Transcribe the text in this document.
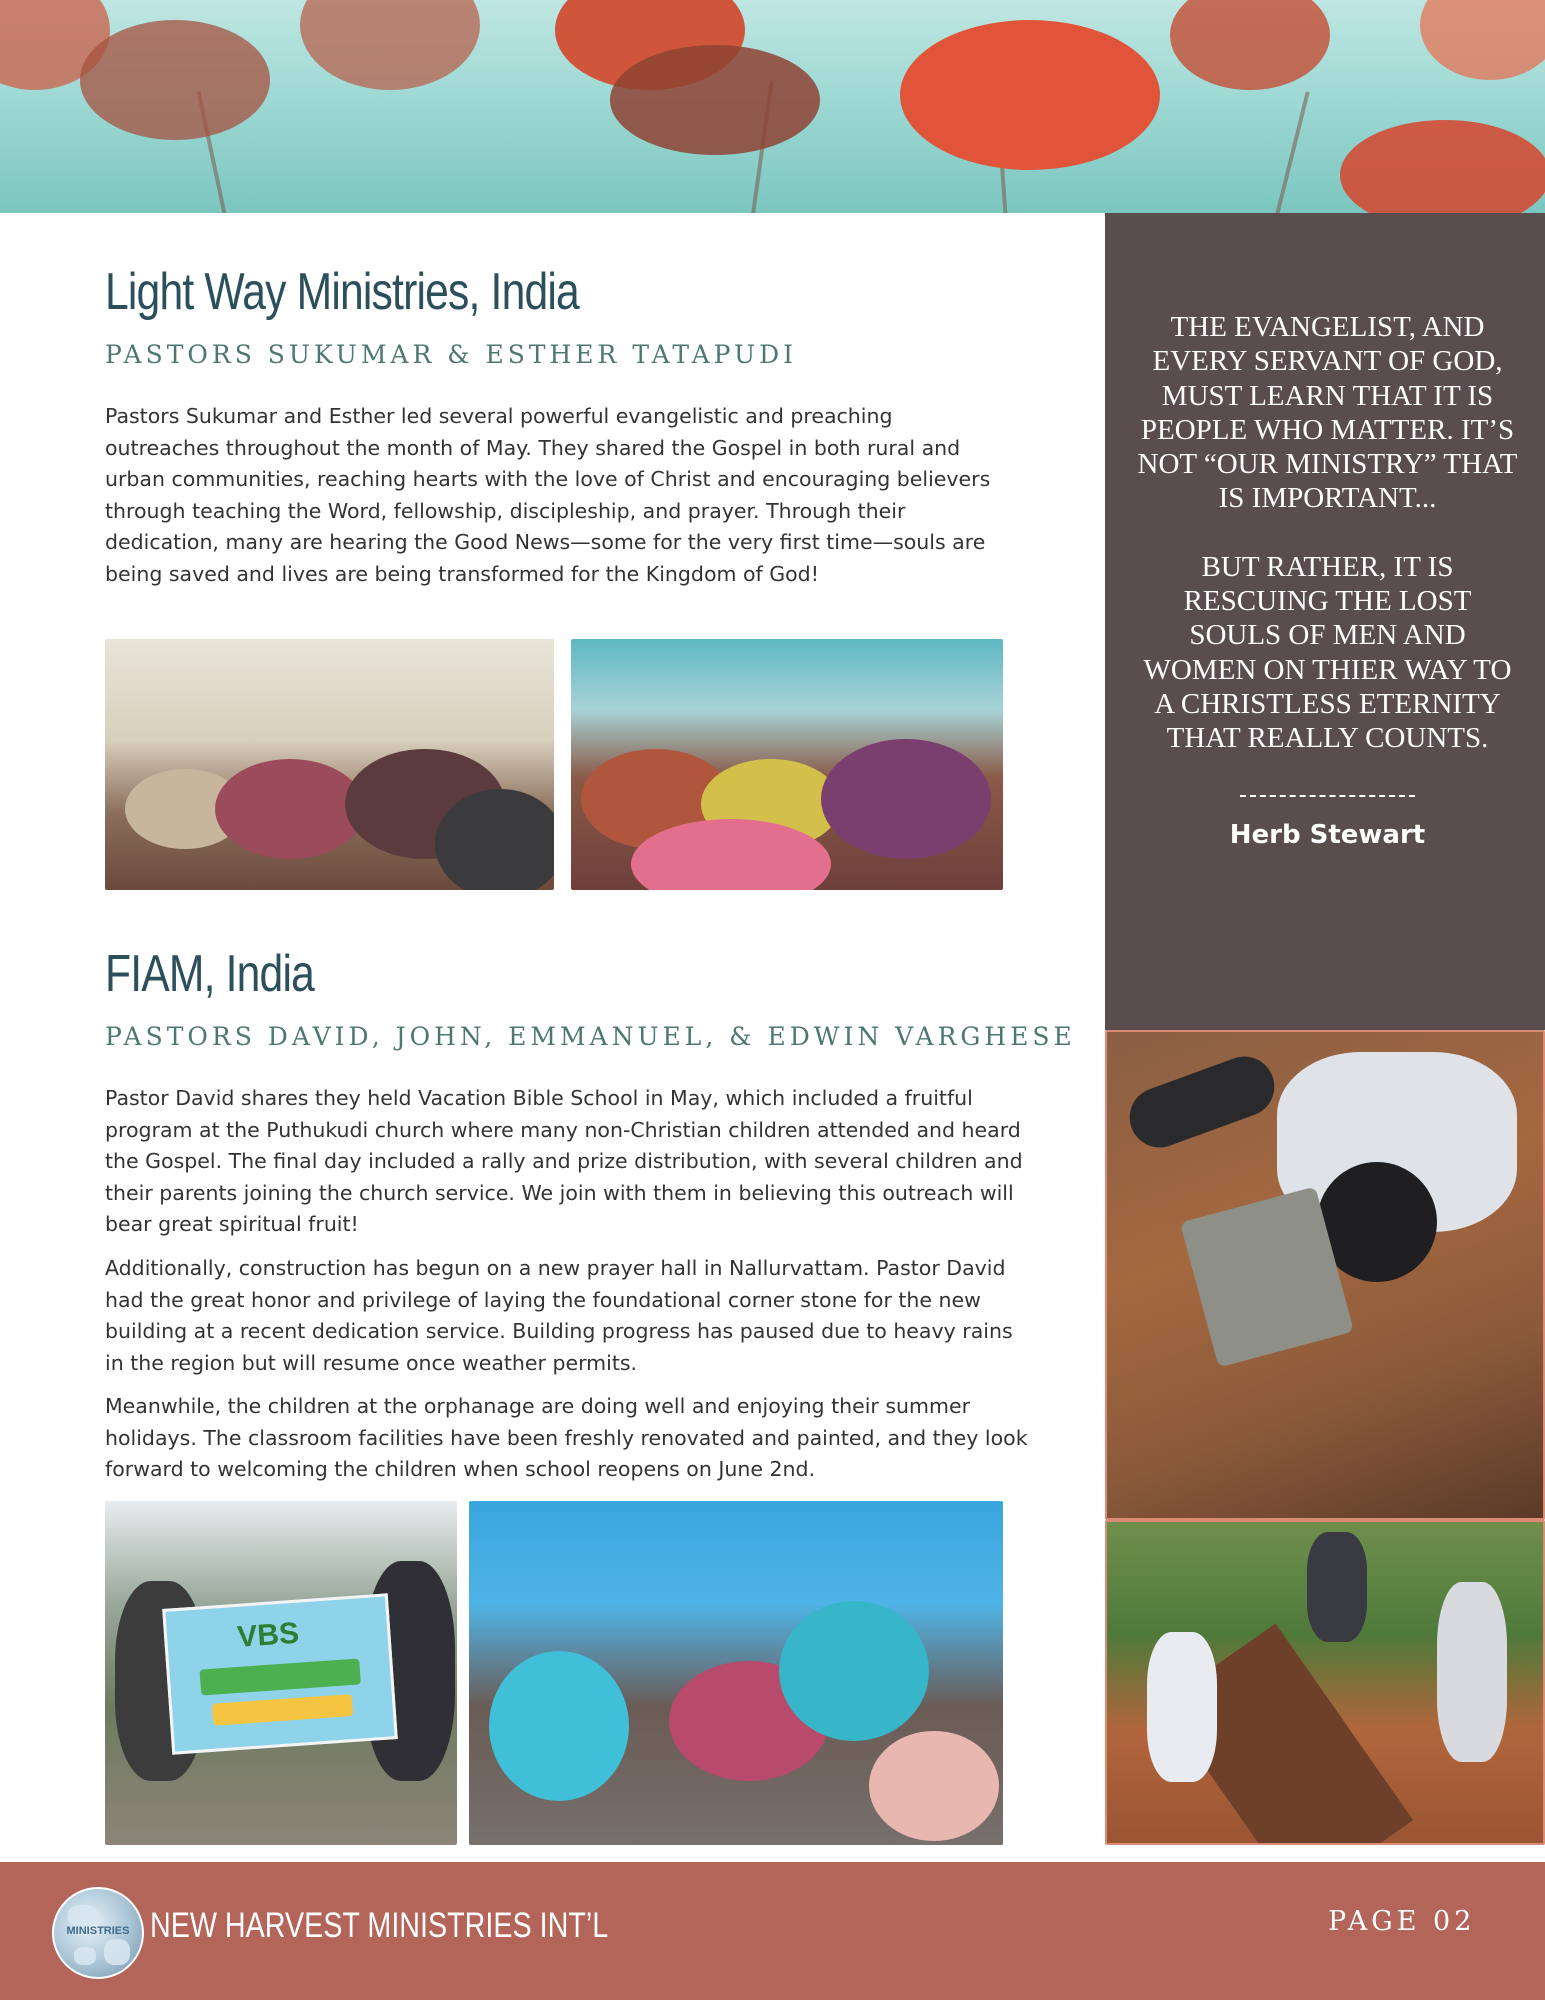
Light Way Ministries, India

PASTORS SUKUMAR & ESTHER TATAPUDI

Pastors Sukumar and Esther led several powerful evangelistic and preaching outreaches throughout the month of May. They shared the Gospel in both rural and urban communities, reaching hearts with the love of Christ and encouraging believers through teaching the Word, fellowship, discipleship, and prayer. Through their dedication, many are hearing the Good News—some for the very first time—souls are being saved and lives are being transformed for the Kingdom of God!

FIAM, India

PASTORS DAVID, JOHN, EMMANUEL, & EDWIN VARGHESE

Pastor David shares they held Vacation Bible School in May, which included a fruitful program at the Puthukudi church where many non-Christian children attended and heard the Gospel. The final day included a rally and prize distribution, with several children and their parents joining the church service. We join with them in believing this outreach will bear great spiritual fruit!

Additionally, construction has begun on a new prayer hall in Nallurvattam. Pastor David had the great honor and privilege of laying the foundational corner stone for the new building at a recent dedication service. Building progress has paused due to heavy rains in the region but will resume once weather permits.

Meanwhile, the children at the orphanage are doing well and enjoying their summer holidays. The classroom facilities have been freshly renovated and painted, and they look forward to welcoming the children when school reopens on June 2nd.

VBS

THE EVANGELIST, AND EVERY SERVANT OF GOD, MUST LEARN THAT IT IS PEOPLE WHO MATTER. IT’S NOT “OUR MINISTRY” THAT IS IMPORTANT...

BUT RATHER, IT IS RESCUING THE LOST SOULS OF MEN AND WOMEN ON THIER WAY TO A CHRISTLESS ETERNITY THAT REALLY COUNTS.

Herb Stewart

MINISTRIES NEW HARVEST MINISTRIES INT’L	PAGE 02
